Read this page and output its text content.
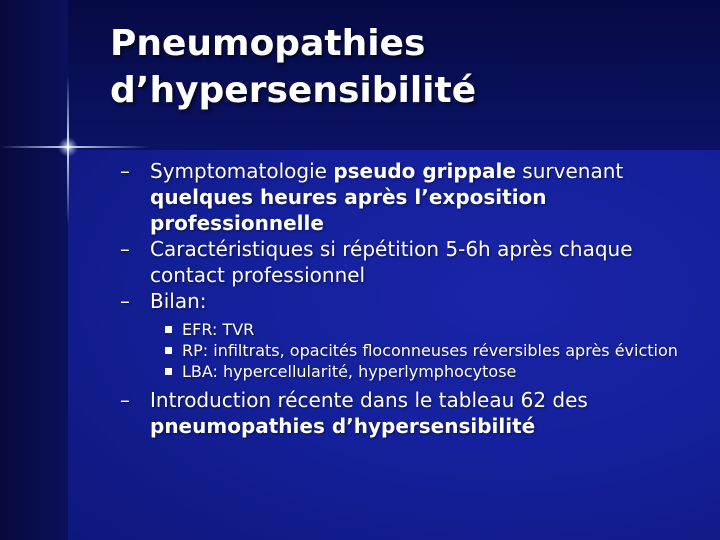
Pneumopathies
d’hypersensibilité
– Symptomatologie pseudo grippale survenant
quelques heures après l’exposition professionnelle
– Caractéristiques si répétition 5-6h après chaque contact professionnel
– Bilan:
EFR: TVR
RP: infiltrats, opacités floconneuses réversibles après éviction
LBA: hypercellularité, hyperlymphocytose
– Introduction récente dans le tableau 62 des pneumopathies d’hypersensibilité
